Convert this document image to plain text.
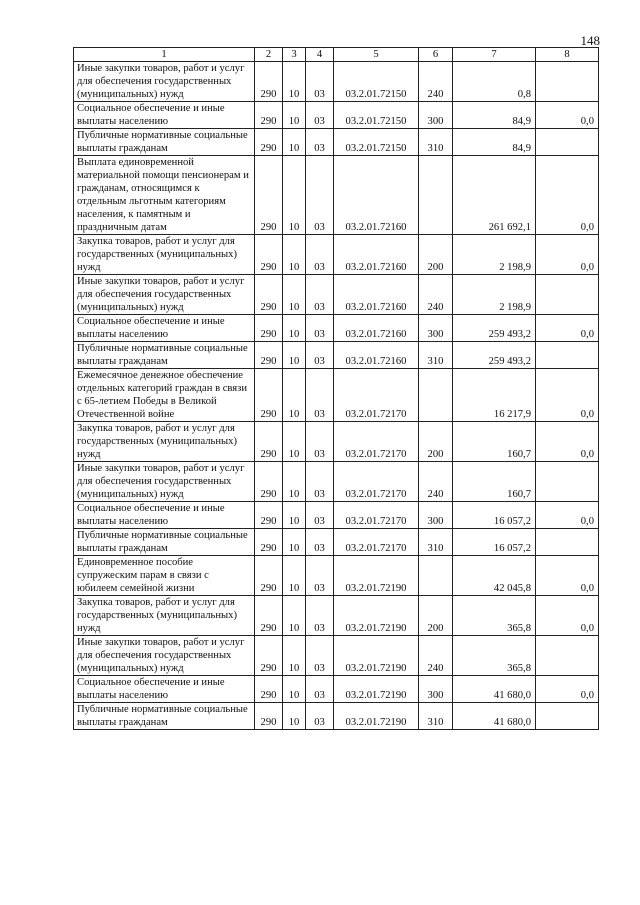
148
1	2	3	4	5	6	7	8
Иные закупки товаров, работ и услуг для обеспечения государственных (муниципальных) нужд	290	10	03	03.2.01.72150	240	0,8	
Социальное обеспечение и иные выплаты населению	290	10	03	03.2.01.72150	300	84,9	0,0
Публичные нормативные социальные выплаты гражданам	290	10	03	03.2.01.72150	310	84,9	
Выплата единовременной материальной помощи пенсионерам и гражданам, относящимся к отдельным льготным категориям населения, к памятным и праздничным датам	290	10	03	03.2.01.72160		261 692,1	0,0
Закупка товаров, работ и услуг для государственных (муниципальных) нужд	290	10	03	03.2.01.72160	200	2 198,9	0,0
Иные закупки товаров, работ и услуг для обеспечения государственных (муниципальных) нужд	290	10	03	03.2.01.72160	240	2 198,9	
Социальное обеспечение и иные выплаты населению	290	10	03	03.2.01.72160	300	259 493,2	0,0
Публичные нормативные социальные выплаты гражданам	290	10	03	03.2.01.72160	310	259 493,2	
Ежемесячное денежное обеспечение отдельных категорий граждан в связи с 65-летием Победы в Великой Отечественной войне	290	10	03	03.2.01.72170		16 217,9	0,0
Закупка товаров, работ и услуг для государственных (муниципальных) нужд	290	10	03	03.2.01.72170	200	160,7	0,0
Иные закупки товаров, работ и услуг для обеспечения государственных (муниципальных) нужд	290	10	03	03.2.01.72170	240	160,7	
Социальное обеспечение и иные выплаты населению	290	10	03	03.2.01.72170	300	16 057,2	0,0
Публичные нормативные социальные выплаты гражданам	290	10	03	03.2.01.72170	310	16 057,2	
Единовременное пособие супружеским парам в связи с юбилеем семейной жизни	290	10	03	03.2.01.72190		42 045,8	0,0
Закупка товаров, работ и услуг для государственных (муниципальных) нужд	290	10	03	03.2.01.72190	200	365,8	0,0
Иные закупки товаров, работ и услуг для обеспечения государственных (муниципальных) нужд	290	10	03	03.2.01.72190	240	365,8	
Социальное обеспечение и иные выплаты населению	290	10	03	03.2.01.72190	300	41 680,0	0,0
Публичные нормативные социальные выплаты гражданам	290	10	03	03.2.01.72190	310	41 680,0	
